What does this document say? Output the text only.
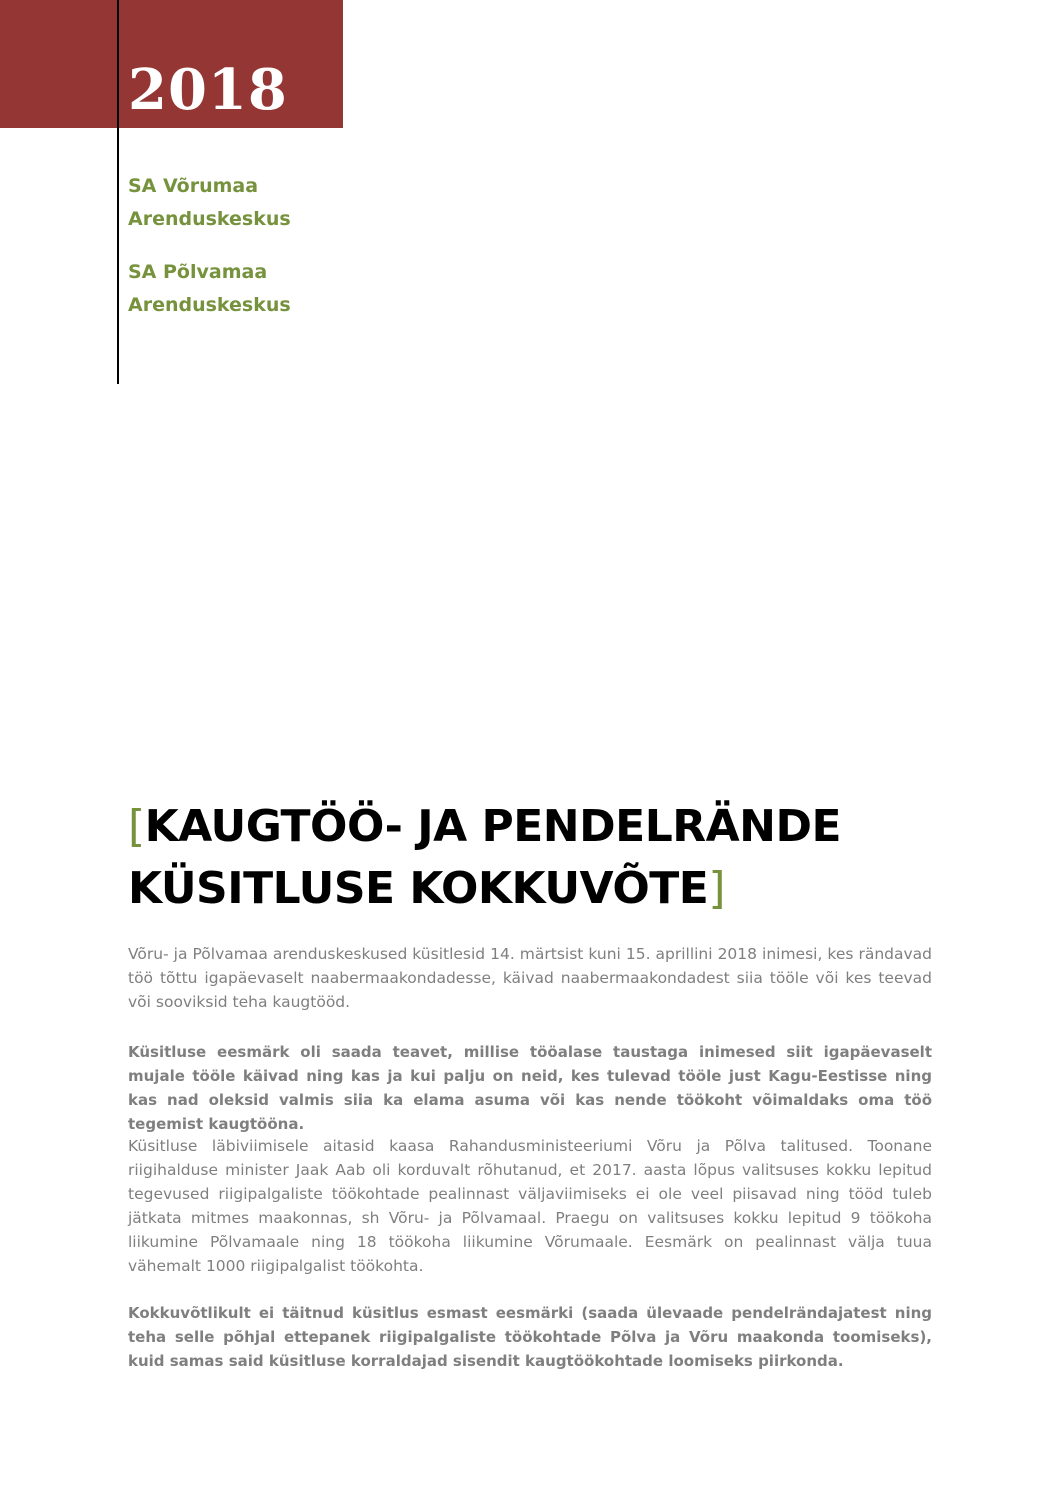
2018
SA Võrumaa Arenduskeskus
SA Põlvamaa Arenduskeskus
[KAUGTÖÖ- JA PENDELRÄNDE KÜSITLUSE KOKKUVÕTE]

Võru- ja Põlvamaa arenduskeskused küsitlesid 14. märtsist kuni 15. aprillini 2018 inimesi, kes rändavad töö tõttu igapäevaselt naabermaakondadesse, käivad naabermaakondadest siia tööle või kes teevad või sooviksid teha kaugtööd.

Küsitluse eesmärk oli saada teavet, millise tööalase taustaga inimesed siit igapäevaselt mujale tööle käivad ning kas ja kui palju on neid, kes tulevad tööle just Kagu-Eestisse ning kas nad oleksid valmis siia ka elama asuma või kas nende töökoht võimaldaks oma töö tegemist kaugtööna.

Küsitluse läbiviimisele aitasid kaasa Rahandusministeeriumi Võru ja Põlva talitused. Toonane riigihalduse minister Jaak Aab oli korduvalt rõhutanud, et 2017. aasta lõpus valitsuses kokku lepitud tegevused riigipalgaliste töökohtade pealinnast väljaviimiseks ei ole veel piisavad ning tööd tuleb jätkata mitmes maakonnas, sh Võru- ja Põlvamaal. Praegu on valitsuses kokku lepitud 9 töökoha liikumine Põlvamaale ning 18 töökoha liikumine Võrumaale. Eesmärk on pealinnast välja tuua vähemalt 1000 riigipalgalist töökohta.

Kokkuvõtlikult ei täitnud küsitlus esmast eesmärki (saada ülevaade pendelrändajatest ning teha selle põhjal ettepanek riigipalgaliste töökohtade Põlva ja Võru maakonda toomiseks), kuid samas said küsitluse korraldajad sisendit kaugtöökohtade loomiseks piirkonda.
